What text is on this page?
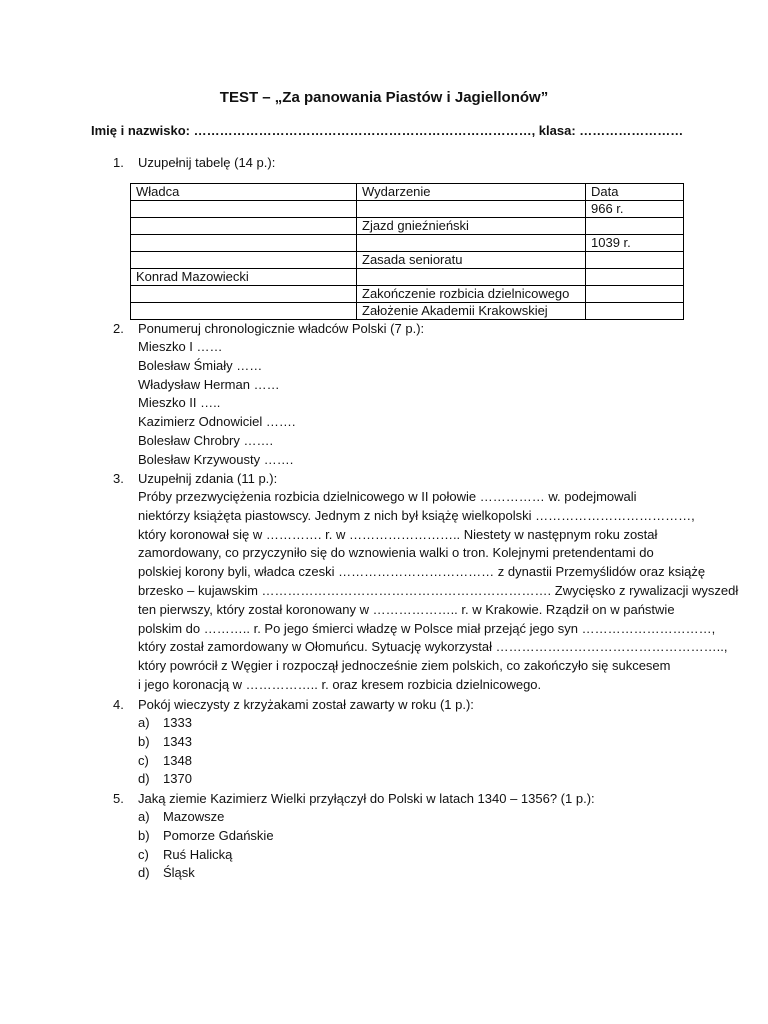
TEST – „Za panowania Piastów i Jagiellonów”
Imię i nazwisko: ……………………………………………………………………, klasa: ……………………
1. Uzupełnij tabelę (14 p.):
Władca	Wydarzenie	Data
		966 r.
	Zjazd gnieźnieński	
		1039 r.
	Zasada senioratu	
Konrad Mazowiecki		
	Zakończenie rozbicia dzielnicowego	
	Założenie Akademii Krakowskiej	
2. Ponumeruj chronologicznie władców Polski (7 p.):
Mieszko I ……
Bolesław Śmiały ……
Władysław Herman ……
Mieszko II …..
Kazimierz Odnowiciel …….
Bolesław Chrobry …….
Bolesław Krzywousty …….
3. Uzupełnij zdania (11 p.):
Próby przezwyciężenia rozbicia dzielnicowego w II połowie …………… w. podejmowali
niektórzy książęta piastowscy. Jednym z nich był książę wielkopolski ………………………………,
który koronował się w …………. r. w …………………….. Niestety w następnym roku został
zamordowany, co przyczyniło się do wznowienia walki o tron. Kolejnymi pretendentami do
polskiej korony byli, władca czeski ……………………………… z dynastii Przemyślidów oraz książę
brzesko – kujawskim …………………………………………………………. Zwycięsko z rywalizacji wyszedł
ten pierwszy, który został koronowany w ……………….. r. w Krakowie. Rządził on w państwie
polskim do ……….. r. Po jego śmierci władzę w Polsce miał przejąć jego syn …………………………,
który został zamordowany w Ołomuńcu. Sytuację wykorzystał ……………………………………………..,
który powrócił z Węgier i rozpoczął jednocześnie ziem polskich, co zakończyło się sukcesem
i jego koronacją w …………….. r. oraz kresem rozbicia dzielnicowego.
4. Pokój wieczysty z krzyżakami został zawarty w roku (1 p.):
a) 1333
b) 1343
c) 1348
d) 1370
5. Jaką ziemie Kazimierz Wielki przyłączył do Polski w latach 1340 – 1356? (1 p.):
a) Mazowsze
b) Pomorze Gdańskie
c) Ruś Halicką
d) Śląsk
